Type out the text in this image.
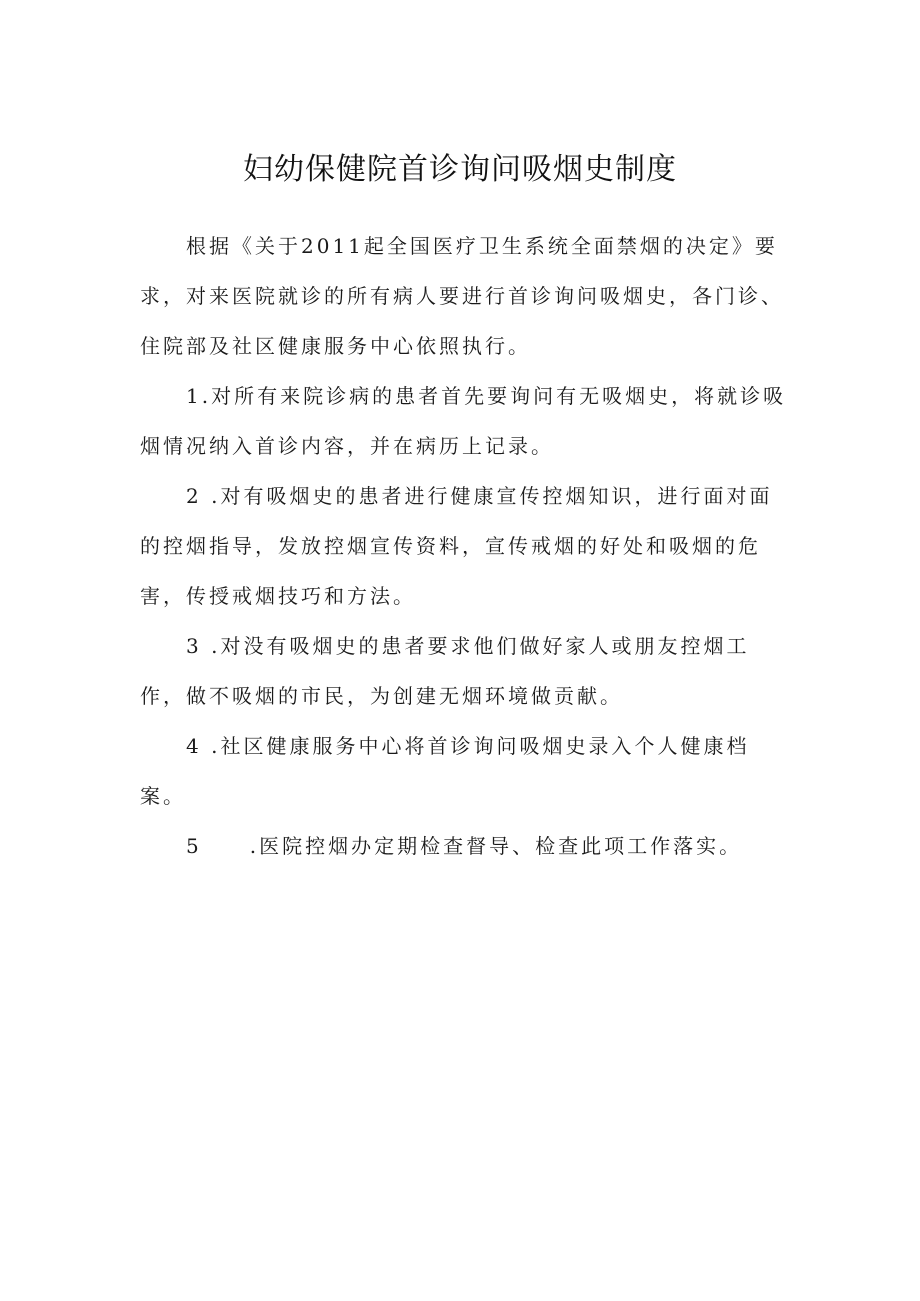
妇幼保健院首诊询问吸烟史制度

根据《关于2011起全国医疗卫生系统全面禁烟的决定》要求，对来医院就诊的所有病人要进行首诊询问吸烟史，各门诊、住院部及社区健康服务中心依照执行。

1.对所有来院诊病的患者首先要询问有无吸烟史，将就诊吸烟情况纳入首诊内容，并在病历上记录。

2 .对有吸烟史的患者进行健康宣传控烟知识，进行面对面的控烟指导，发放控烟宣传资料，宣传戒烟的好处和吸烟的危害，传授戒烟技巧和方法。

3 .对没有吸烟史的患者要求他们做好家人或朋友控烟工作，做不吸烟的市民，为创建无烟环境做贡献。

4 .社区健康服务中心将首诊询问吸烟史录入个人健康档案。

5 .医院控烟办定期检查督导、检查此项工作落实。
